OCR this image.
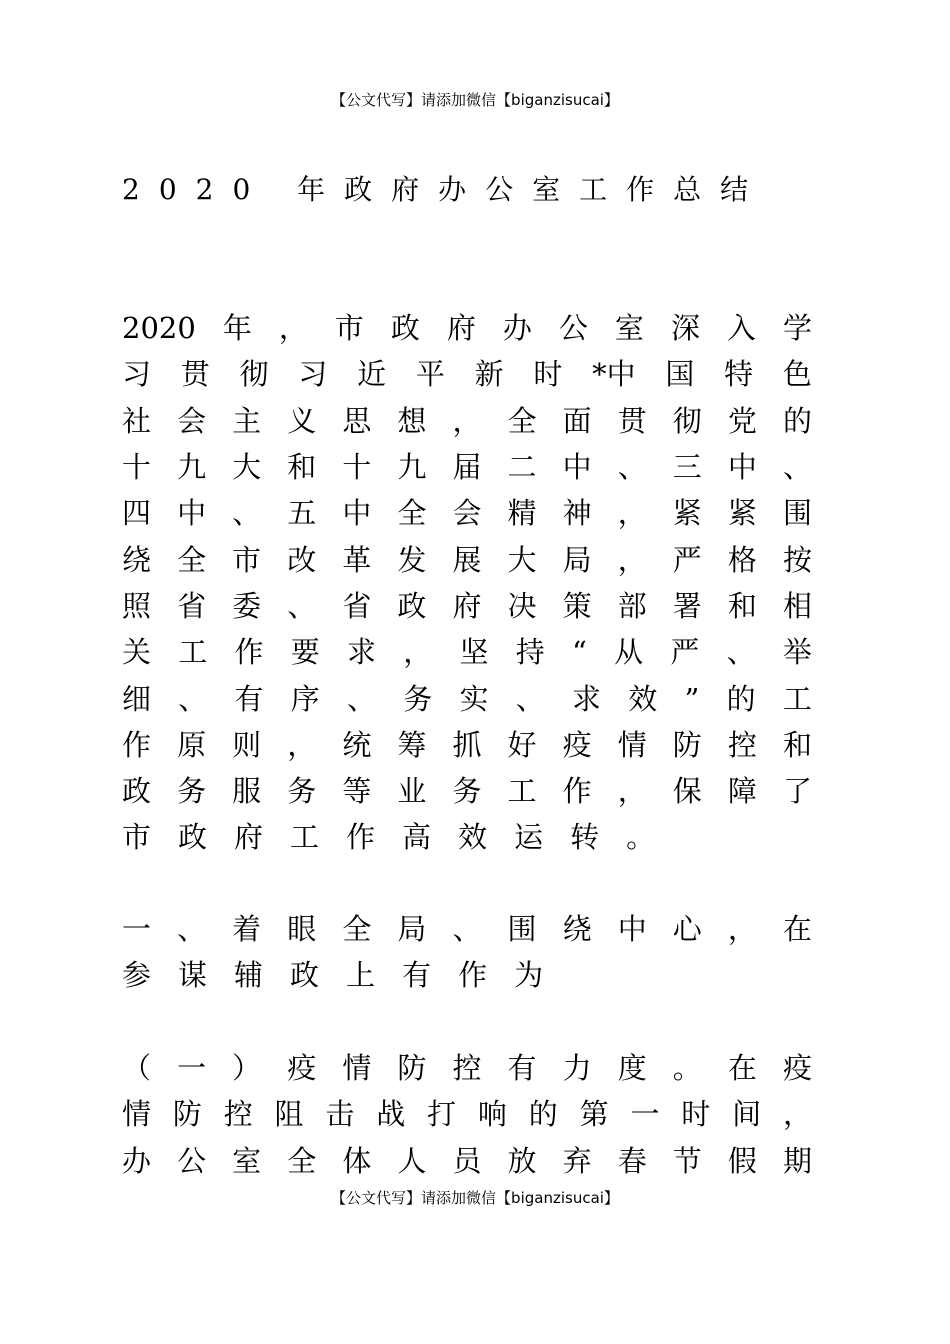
【公文代写】请添加微信【biganzisucai】
2020 年政府办公室工作总结
2020 年 ， 市 政 府 办 公 室 深 入 学
习 贯 彻 习 近 平 新 时 *中 国 特 色
社 会 主 义 思 想 ， 全 面 贯 彻 党 的
十 九 大 和 十 九 届 二 中 、 三 中 、
四 中 、 五 中 全 会 精 神 ， 紧 紧 围
绕 全 市 改 革 发 展 大 局 ， 严 格 按
照 省 委 、 省 政 府 决 策 部 署 和 相
关 工 作 要 求 ， 坚 持 “ 从 严 、 举
细 、 有 序 、 务 实 、 求 效 ” 的 工
作 原 则 ， 统 筹 抓 好 疫 情 防 控 和
政 务 服 务 等 业 务 工 作 ， 保 障 了
市 政 府 工 作 高 效 运 转 。
一 、 着 眼 全 局 、 围 绕 中 心 ， 在
参 谋 辅 政 上 有 作 为
（ 一 ） 疫 情 防 控 有 力 度 。 在 疫
情 防 控 阻 击 战 打 响 的 第 一 时 间 ，
办 公 室 全 体 人 员 放 弃 春 节 假 期
【公文代写】请添加微信【biganzisucai】
